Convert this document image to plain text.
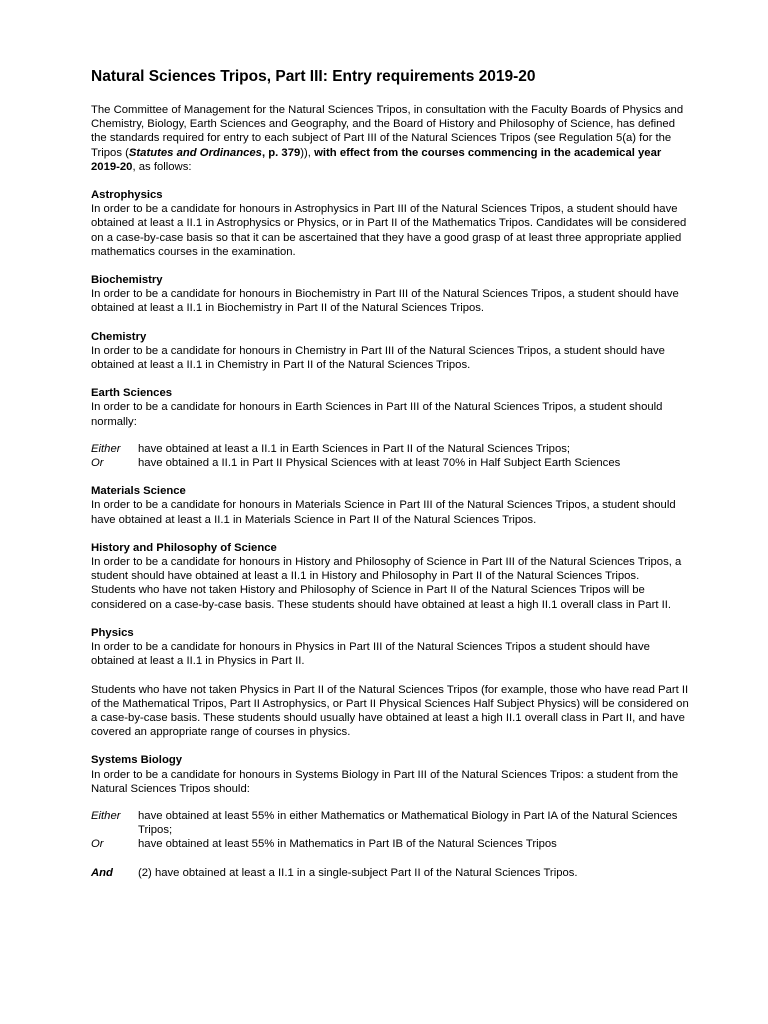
Natural Sciences Tripos, Part III: Entry requirements 2019-20

The Committee of Management for the Natural Sciences Tripos, in consultation with the Faculty Boards of Physics and Chemistry, Biology, Earth Sciences and Geography, and the Board of History and Philosophy of Science, has defined the standards required for entry to each subject of Part III of the Natural Sciences Tripos (see Regulation 5(a) for the Tripos (Statutes and Ordinances, p. 379)), with effect from the courses commencing in the academical year 2019-20, as follows:

Astrophysics

In order to be a candidate for honours in Astrophysics in Part III of the Natural Sciences Tripos, a student should have obtained at least a II.1 in Astrophysics or Physics, or in Part II of the Mathematics Tripos. Candidates will be considered on a case-by-case basis so that it can be ascertained that they have a good grasp of at least three appropriate applied mathematics courses in the examination.

Biochemistry

In order to be a candidate for honours in Biochemistry in Part III of the Natural Sciences Tripos, a student should have obtained at least a II.1 in Biochemistry in Part II of the Natural Sciences Tripos.

Chemistry

In order to be a candidate for honours in Chemistry in Part III of the Natural Sciences Tripos, a student should have obtained at least a II.1 in Chemistry in Part II of the Natural Sciences Tripos.

Earth Sciences

In order to be a candidate for honours in Earth Sciences in Part III of the Natural Sciences Tripos, a student should normally:

Either	have obtained at least a II.1 in Earth Sciences in Part II of the Natural Sciences Tripos;
Or	have obtained a II.1 in Part II Physical Sciences with at least 70% in Half Subject Earth Sciences

Materials Science

In order to be a candidate for honours in Materials Science in Part III of the Natural Sciences Tripos, a student should have obtained at least a II.1 in Materials Science in Part II of the Natural Sciences Tripos.

History and Philosophy of Science

In order to be a candidate for honours in History and Philosophy of Science in Part III of the Natural Sciences Tripos, a student should have obtained at least a II.1 in History and Philosophy in Part II of the Natural Sciences Tripos.

Students who have not taken History and Philosophy of Science in Part II of the Natural Sciences Tripos will be considered on a case-by-case basis. These students should have obtained at least a high II.1 overall class in Part II.

Physics

In order to be a candidate for honours in Physics in Part III of the Natural Sciences Tripos a student should have obtained at least a II.1 in Physics in Part II.

Students who have not taken Physics in Part II of the Natural Sciences Tripos (for example, those who have read Part II of the Mathematical Tripos, Part II Astrophysics, or Part II Physical Sciences Half Subject Physics) will be considered on a case-by-case basis. These students should usually have obtained at least a high II.1 overall class in Part II, and have covered an appropriate range of courses in physics.

Systems Biology

In order to be a candidate for honours in Systems Biology in Part III of the Natural Sciences Tripos: a student from the Natural Sciences Tripos should:

Either	have obtained at least 55% in either Mathematics or Mathematical Biology in Part IA of the Natural Sciences Tripos;
Or	have obtained at least 55% in Mathematics in Part IB of the Natural Sciences Tripos
And	(2) have obtained at least a II.1 in a single-subject Part II of the Natural Sciences Tripos.
